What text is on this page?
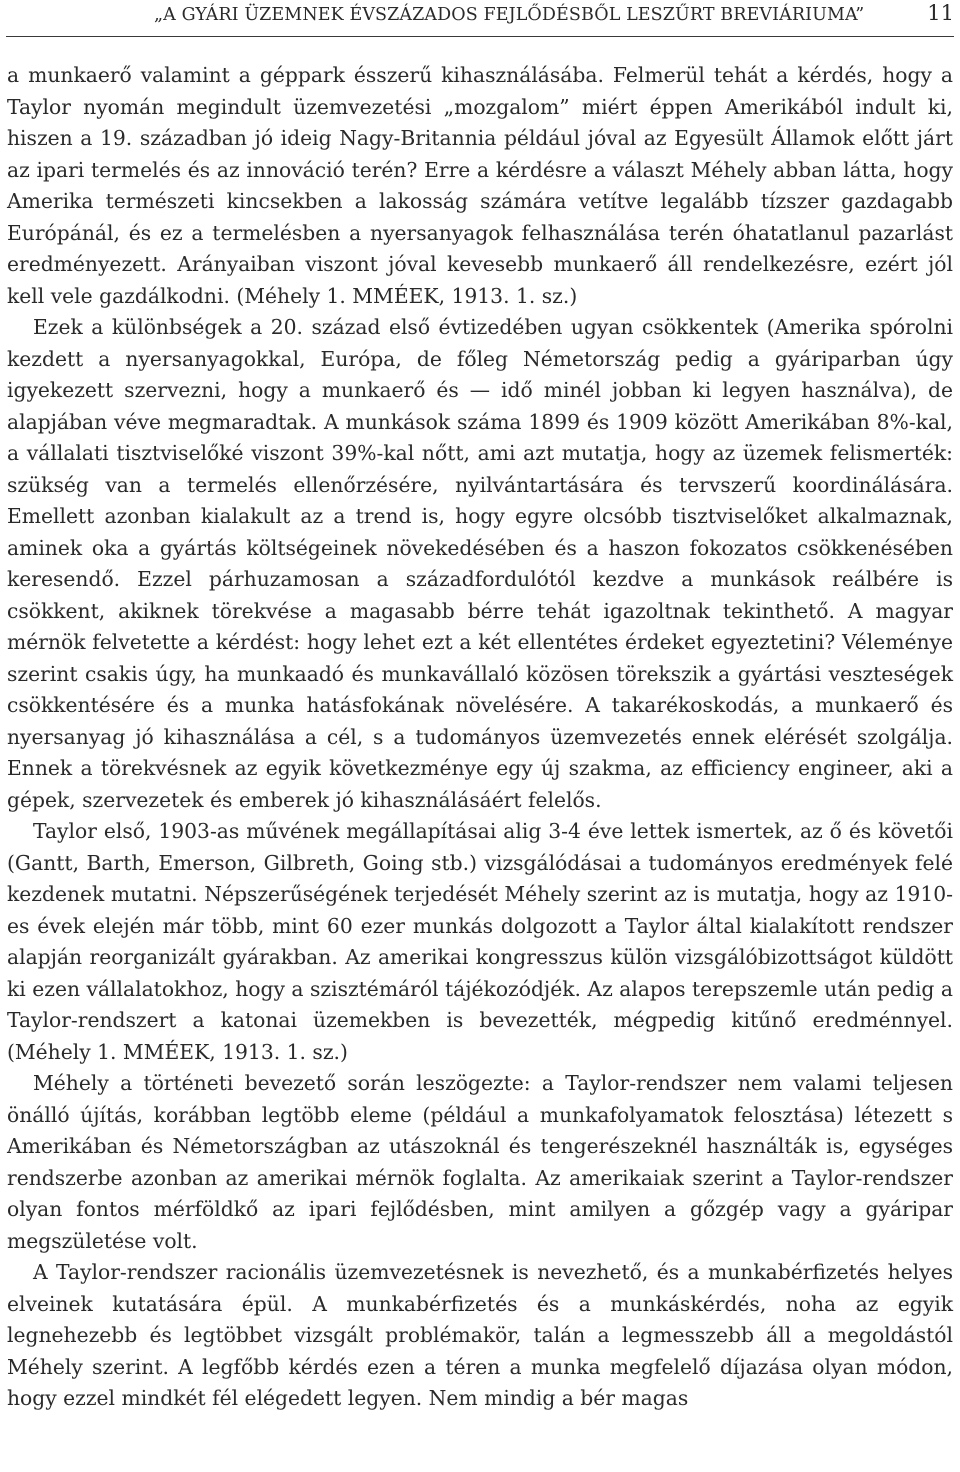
„A GYÁRI ÜZEMNEK ÉVSZÁZADOS FEJLŐDÉSBŐL LESZŰRT BREVIÁRIUMA”	11

a munkaerő valamint a géppark ésszerű kihasználásába. Felmerül tehát a kérdés, hogy a Taylor nyomán megindult üzemvezetési „mozgalom” miért éppen Amerikából indult ki, hiszen a 19. században jó ideig Nagy-Britannia például jóval az Egyesült Államok előtt járt az ipari termelés és az innováció terén? Erre a kérdésre a választ Méhely abban látta, hogy Amerika természeti kincsekben a lakosság számára vetítve legalább tízszer gazdagabb Európánál, és ez a termelésben a nyersanyagok felhasználása terén óhatatlanul pazarlást eredményezett. Arányaiban viszont jóval kevesebb munkaerő áll rendelkezésre, ezért jól kell vele gazdálkodni. (Méhely 1. MMÉEK, 1913. 1. sz.)

Ezek a különbségek a 20. század első évtizedében ugyan csökkentek (Amerika spórolni kezdett a nyersanyagokkal, Európa, de főleg Németország pedig a gyáriparban úgy igyekezett szervezni, hogy a munkaerő és — idő minél jobban ki legyen használva), de alapjában véve megmaradtak. A munkások száma 1899 és 1909 között Amerikában 8%-kal, a vállalati tisztviselőké viszont 39%-kal nőtt, ami azt mutatja, hogy az üzemek felismerték: szükség van a termelés ellenőrzésére, nyilvántartására és tervszerű koordinálására. Emellett azonban kialakult az a trend is, hogy egyre olcsóbb tisztviselőket alkalmaznak, aminek oka a gyártás költségeinek növekedésében és a haszon fokozatos csökkenésében keresendő. Ezzel párhuzamosan a századfordulótól kezdve a munkások reálbére is csökkent, akiknek törekvése a magasabb bérre tehát igazoltnak tekinthető. A magyar mérnök felvetette a kérdést: hogy lehet ezt a két ellentétes érdeket egyeztetini? Véleménye szerint csakis úgy, ha munkaadó és munkavállaló közösen törekszik a gyártási veszteségek csökkentésére és a munka hatásfokának növelésére. A takarékoskodás, a munkaerő és nyersanyag jó kihasználása a cél, s a tudományos üzemvezetés ennek elérését szolgálja. Ennek a törekvésnek az egyik következménye egy új szakma, az efficiency engineer, aki a gépek, szervezetek és emberek jó kihasználásáért felelős.

Taylor első, 1903-as művének megállapításai alig 3-4 éve lettek ismertek, az ő és követői (Gantt, Barth, Emerson, Gilbreth, Going stb.) vizsgálódásai a tudományos eredmények felé kezdenek mutatni. Népszerűségének terjedését Méhely szerint az is mutatja, hogy az 1910-es évek elején már több, mint 60 ezer munkás dolgozott a Taylor által kialakított rendszer alapján reorganizált gyárakban. Az amerikai kongresszus külön vizsgálóbizottságot küldött ki ezen vállalatokhoz, hogy a szisztémáról tájékozódjék. Az alapos terepszemle után pedig a Taylor-rendszert a katonai üzemekben is bevezették, mégpedig kitűnő eredménnyel. (Méhely 1. MMÉEK, 1913. 1. sz.)

Méhely a történeti bevezető során leszögezte: a Taylor-rendszer nem valami teljesen önálló újítás, korábban legtöbb eleme (például a munkafolyamatok felosztása) létezett s Amerikában és Németországban az utászoknál és tengerészeknél használták is, egységes rendszerbe azonban az amerikai mérnök foglalta. Az amerikaiak szerint a Taylor-rendszer olyan fontos mérföldkő az ipari fejlődésben, mint amilyen a gőzgép vagy a gyáripar megszületése volt.

A Taylor-rendszer racionális üzemvezetésnek is nevezhető, és a munkabérfizetés helyes elveinek kutatására épül. A munkabérfizetés és a munkáskérdés, noha az egyik legnehezebb és legtöbbet vizsgált problémakör, talán a legmesszebb áll a megoldástól Méhely szerint. A legfőbb kérdés ezen a téren a munka megfelelő díjazása olyan módon, hogy ezzel mindkét fél elégedett legyen. Nem mindig a bér magas
